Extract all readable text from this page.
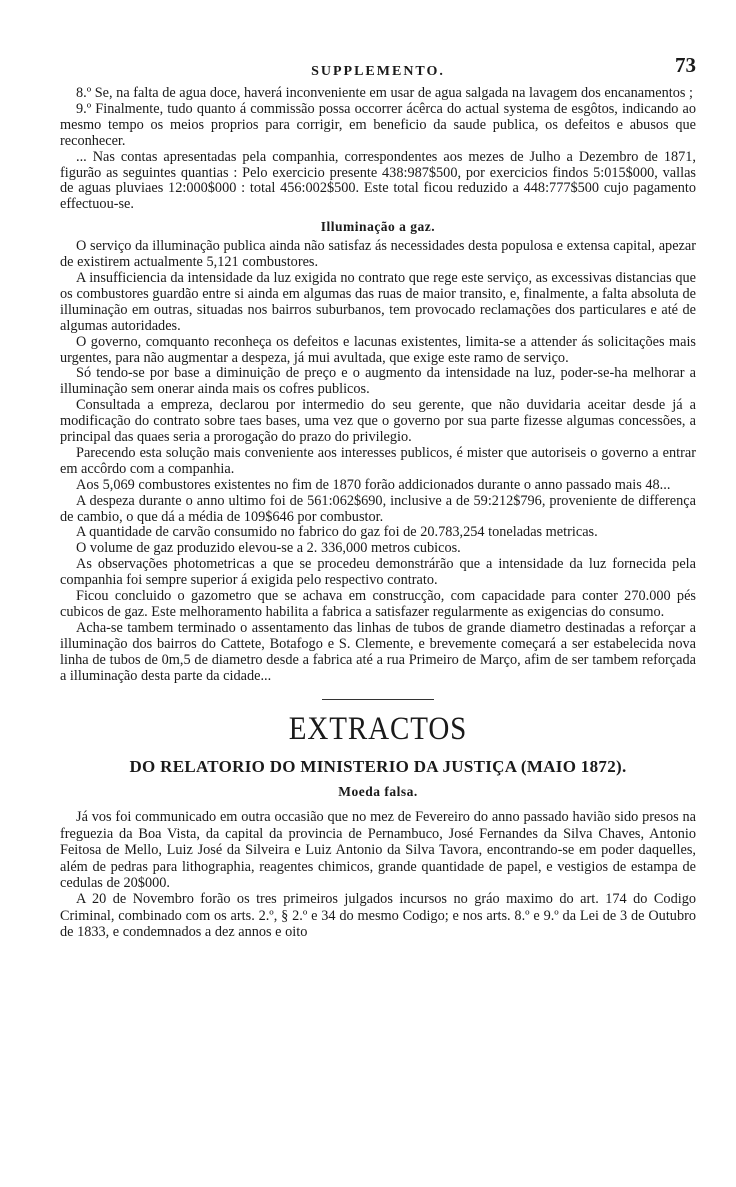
SUPPLEMENTO.	73

8.º Se, na falta de agua doce, haverá inconveniente em usar de agua salgada na lavagem dos encanamentos ;

9.º Finalmente, tudo quanto á commissão possa occorrer ácêrca do actual systema de esgôtos, indicando ao mesmo tempo os meios proprios para corrigir, em beneficio da saude publica, os defeitos e abusos que reconhecer.

... Nas contas apresentadas pela companhia, correspondentes aos mezes de Julho a Dezembro de 1871, figurão as seguintes quantias : Pelo exercicio presente 438:987$500, por exercicios findos 5:015$000, vallas de aguas pluviaes 12:000$000 : total 456:002$500. Este total ficou reduzido a 448:777$500 cujo pagamento effectuou-se.

Illuminação a gaz.

O serviço da illuminação publica ainda não satisfaz ás necessidades desta populosa e extensa capital, apezar de existirem actualmente 5,121 combustores.

A insufficiencia da intensidade da luz exigida no contrato que rege este serviço, as excessivas distancias que os combustores guardão entre si ainda em algumas das ruas de maior transito, e, finalmente, a falta absoluta de illuminação em outras, situadas nos bairros suburbanos, tem provocado reclamações dos particulares e até de algumas autoridades.

O governo, comquanto reconheça os defeitos e lacunas existentes, limita-se a attender ás solicitações mais urgentes, para não augmentar a despeza, já mui avultada, que exige este ramo de serviço.

Só tendo-se por base a diminuição de preço e o augmento da intensidade na luz, poder-se-ha melhorar a illuminação sem onerar ainda mais os cofres publicos.

Consultada a empreza, declarou por intermedio do seu gerente, que não duvidaria aceitar desde já a modificação do contrato sobre taes bases, uma vez que o governo por sua parte fizesse algumas concessões, a principal das quaes seria a prorogação do prazo do privilegio.

Parecendo esta solução mais conveniente aos interesses publicos, é mister que autoriseis o governo a entrar em accôrdo com a companhia.

Aos 5,069 combustores existentes no fim de 1870 forão addicionados durante o anno passado mais 48...

A despeza durante o anno ultimo foi de 561:062$690, inclusive a de 59:212$796, proveniente de differença de cambio, o que dá a média de 109$646 por combustor.

A quantidade de carvão consumido no fabrico do gaz foi de 20.783,254 toneladas metricas.

O volume de gaz produzido elevou-se a 2. 336,000 metros cubicos.

As observações photometricas a que se procedeu demonstrárão que a intensidade da luz fornecida pela companhia foi sempre superior á exigida pelo respectivo contrato.

Ficou concluido o gazometro que se achava em construcção, com capacidade para conter 270.000 pés cubicos de gaz. Este melhoramento habilita a fabrica a satisfazer regularmente as exigencias do consumo.

Acha-se tambem terminado o assentamento das linhas de tubos de grande diametro destinadas a reforçar a illuminação dos bairros do Cattete, Botafogo e S. Clemente, e brevemente começará a ser estabelecida nova linha de tubos de 0m,5 de diametro desde a fabrica até a rua Primeiro de Março, afim de ser tambem reforçada a illuminação desta parte da cidade...

EXTRACTOS
DO RELATORIO DO MINISTERIO DA JUSTIÇA (MAIO 1872).
Moeda falsa.

Já vos foi communicado em outra occasião que no mez de Fevereiro do anno passado havião sido presos na freguezia da Boa Vista, da capital da provincia de Pernambuco, José Fernandes da Silva Chaves, Antonio Feitosa de Mello, Luiz José da Silveira e Luiz Antonio da Silva Tavora, encontrando-se em poder daquelles, além de pedras para lithographia, reagentes chimicos, grande quantidade de papel, e vestigios de estampa de cedulas de 20$000.

A 20 de Novembro forão os tres primeiros julgados incursos no gráo maximo do art. 174 do Codigo Criminal, combinado com os arts. 2.º, § 2.º e 34 do mesmo Codigo; e nos arts. 8.º e 9.º da Lei de 3 de Outubro de 1833, e condemnados a dez annos e oito
